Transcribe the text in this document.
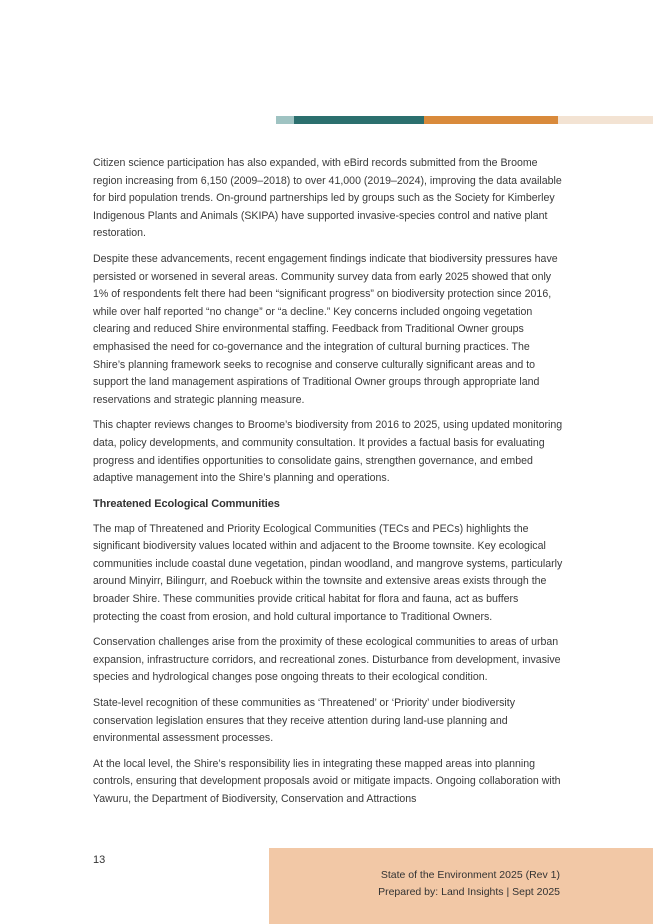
Citizen science participation has also expanded, with eBird records submitted from the Broome region increasing from 6,150 (2009–2018) to over 41,000 (2019–2024), improving the data available for bird population trends. On-ground partnerships led by groups such as the Society for Kimberley Indigenous Plants and Animals (SKIPA) have supported invasive-species control and native plant restoration.

Despite these advancements, recent engagement findings indicate that biodiversity pressures have persisted or worsened in several areas. Community survey data from early 2025 showed that only 1% of respondents felt there had been “significant progress” on biodiversity protection since 2016, while over half reported “no change” or “a decline.” Key concerns included ongoing vegetation clearing and reduced Shire environmental staffing. Feedback from Traditional Owner groups emphasised the need for co-governance and the integration of cultural burning practices. The Shire’s planning framework seeks to recognise and conserve culturally significant areas and to support the land management aspirations of Traditional Owner groups through appropriate land reservations and strategic planning measure.

This chapter reviews changes to Broome’s biodiversity from 2016 to 2025, using updated monitoring data, policy developments, and community consultation. It provides a factual basis for evaluating progress and identifies opportunities to consolidate gains, strengthen governance, and embed adaptive management into the Shire’s planning and operations.

Threatened Ecological Communities

The map of Threatened and Priority Ecological Communities (TECs and PECs) highlights the significant biodiversity values located within and adjacent to the Broome townsite. Key ecological communities include coastal dune vegetation, pindan woodland, and mangrove systems, particularly around Minyirr, Bilingurr, and Roebuck within the townsite and extensive areas exists through the broader Shire. These communities provide critical habitat for flora and fauna, act as buffers protecting the coast from erosion, and hold cultural importance to Traditional Owners.

Conservation challenges arise from the proximity of these ecological communities to areas of urban expansion, infrastructure corridors, and recreational zones. Disturbance from development, invasive species and hydrological changes pose ongoing threats to their ecological condition.

State-level recognition of these communities as ‘Threatened’ or ‘Priority’ under biodiversity conservation legislation ensures that they receive attention during land-use planning and environmental assessment processes.

At the local level, the Shire’s responsibility lies in integrating these mapped areas into planning controls, ensuring that development proposals avoid or mitigate impacts. Ongoing collaboration with Yawuru, the Department of Biodiversity, Conservation and Attractions

13
State of the Environment 2025 (Rev 1)
Prepared by: Land Insights | Sept 2025
